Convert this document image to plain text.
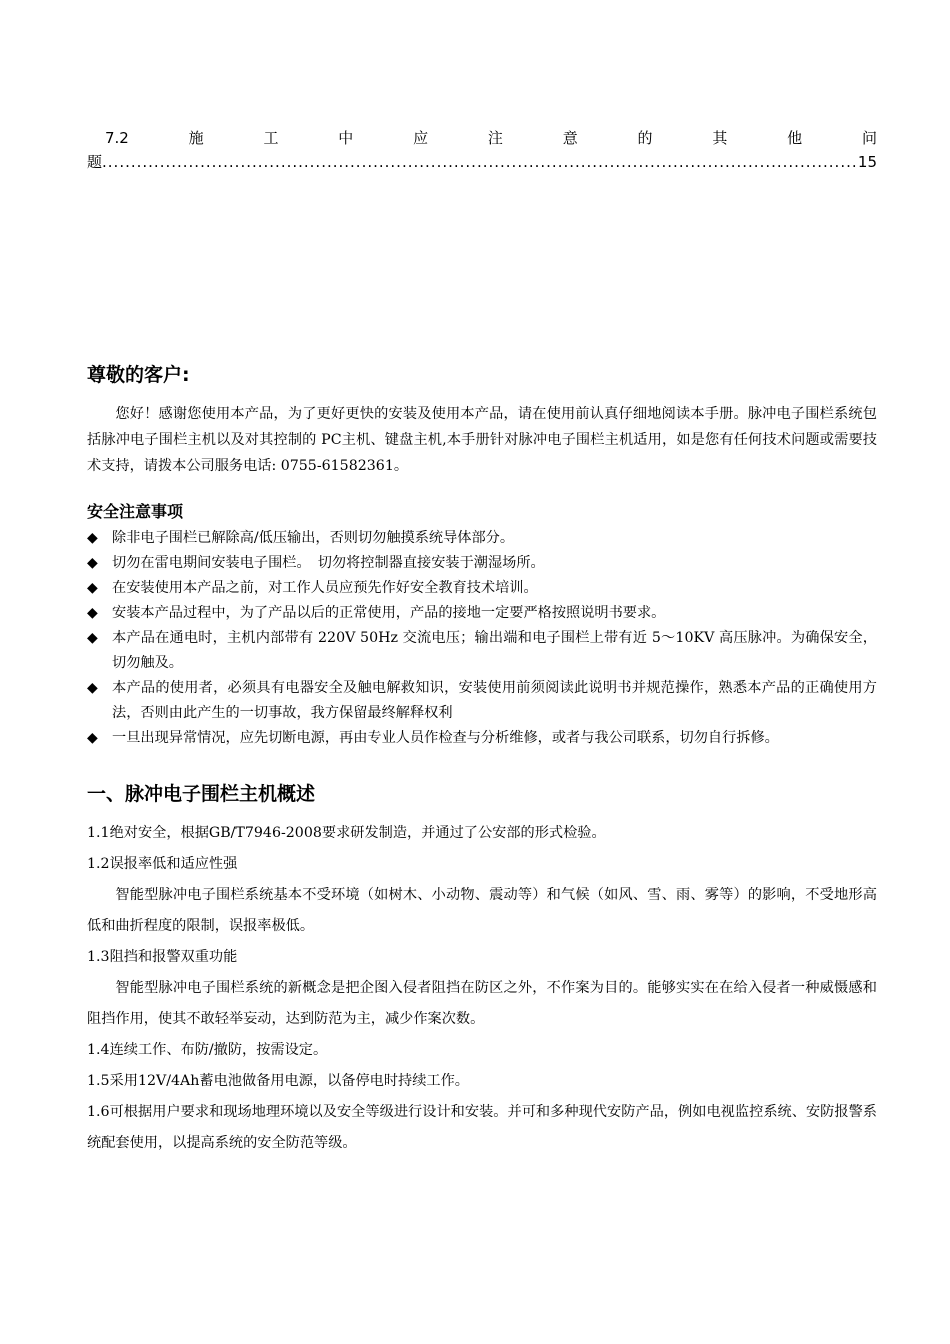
7.2	施	工	中	应	注	意	的	其	他	问
题
.....	15
尊敬的客户:

您好！感谢您使用本产品，为了更好更快的安装及使用本产品，请在使用前认真仔细地阅读本手册。脉冲电子围栏系统包括脉冲电子围栏主机以及对其控制的 PC主机、键盘主机,本手册针对脉冲电子围栏主机适用，如是您有任何技术问题或需要技术支持，请拨本公司服务电话: 0755-61582361。

安全注意事项
◆ 除非电子围栏已解除高/低压输出，否则切勿触摸系统导体部分。
◆ 切勿在雷电期间安装电子围栏。　切勿将控制器直接安装于潮湿场所。
◆ 在安装使用本产品之前，对工作人员应预先作好安全教育技术培训。
◆ 安装本产品过程中，为了产品以后的正常使用，产品的接地一定要严格按照说明书要求。
◆ 本产品在通电时，主机内部带有 220V 50Hz 交流电压；输出端和电子围栏上带有近 5～10KV 高压脉冲。为确保安全，切勿触及。
◆ 本产品的使用者，必须具有电器安全及触电解救知识，安装使用前须阅读此说明书并规范操作，熟悉本产品的正确使用方法，否则由此产生的一切事故，我方保留最终解释权利
◆ 一旦出现异常情况，应先切断电源，再由专业人员作检查与分析维修，或者与我公司联系，切勿自行拆修。
一、脉冲电子围栏主机概述

1.1绝对安全，根据GB/T7946-2008要求研发制造，并通过了公安部的形式检验。

1.2误报率低和适应性强

智能型脉冲电子围栏系统基本不受环境（如树木、小动物、震动等）和气候（如风、雪、雨、雾等）的影响，不受地形高低和曲折程度的限制，误报率极低。

1.3阻挡和报警双重功能

智能型脉冲电子围栏系统的新概念是把企图入侵者阻挡在防区之外，不作案为目的。能够实实在在给入侵者一种威慑感和阻挡作用，使其不敢轻举妄动，达到防范为主，减少作案次数。

1.4连续工作、布防/撤防，按需设定。

1.5采用12V/4Ah蓄电池做备用电源，以备停电时持续工作。

1.6可根据用户要求和现场地理环境以及安全等级进行设计和安装。并可和多种现代安防产品，例如电视监控系统、安防报警系统配套使用，以提高系统的安全防范等级。
